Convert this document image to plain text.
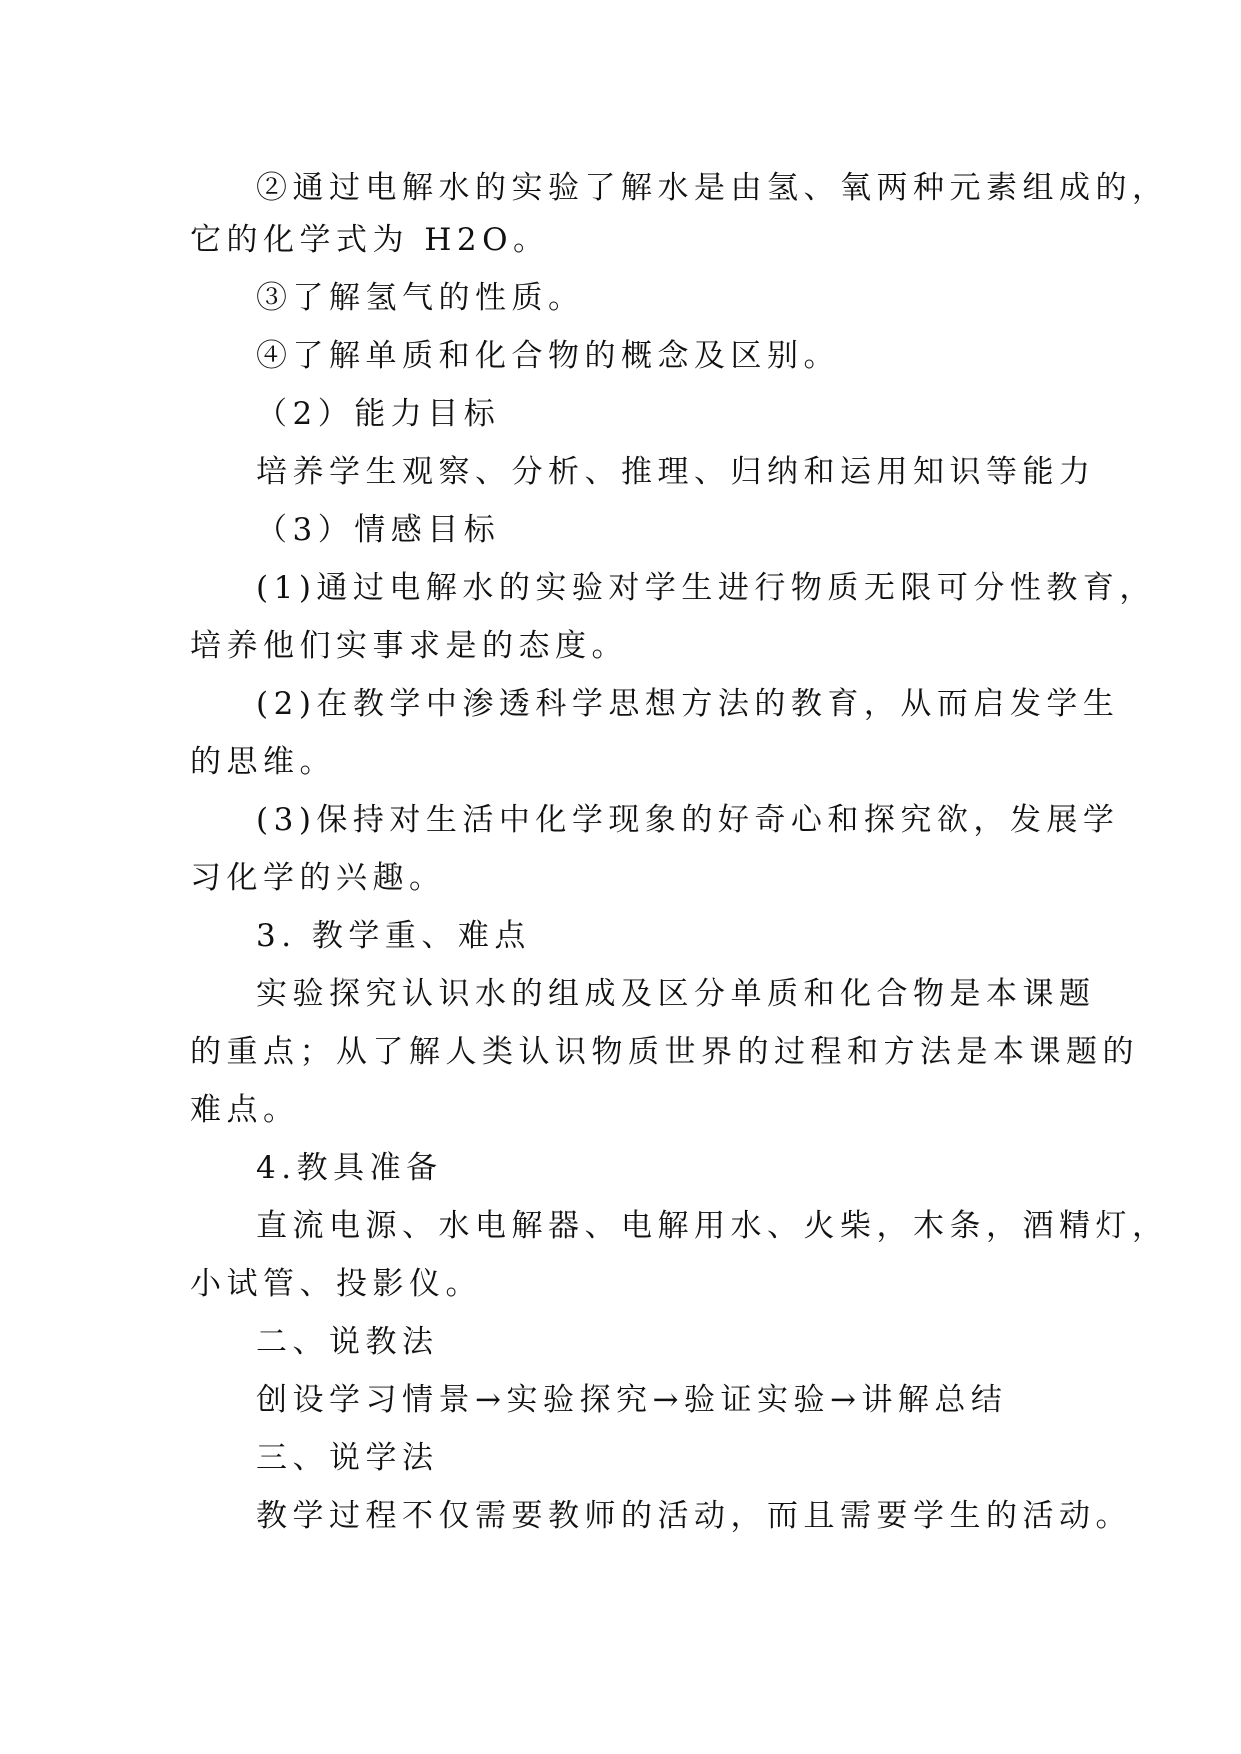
②通过电解水的实验了解水是由氢、氧两种元素组成的，

它的化学式为 H2O。

③了解氢气的性质。

④了解单质和化合物的概念及区别。

（2）能力目标

培养学生观察、分析、推理、归纳和运用知识等能力

（3）情感目标

(1)通过电解水的实验对学生进行物质无限可分性教育，

培养他们实事求是的态度。

(2)在教学中渗透科学思想方法的教育，从而启发学生

的思维。

(3)保持对生活中化学现象的好奇心和探究欲，发展学

习化学的兴趣。

3. 教学重、难点

实验探究认识水的组成及区分单质和化合物是本课题

的重点；从了解人类认识物质世界的过程和方法是本课题的

难点。

4.教具准备

直流电源、水电解器、电解用水、火柴，木条，酒精灯，

小试管、投影仪。

二、说教法

创设学习情景→实验探究→验证实验→讲解总结

三、说学法

教学过程不仅需要教师的活动，而且需要学生的活动。
